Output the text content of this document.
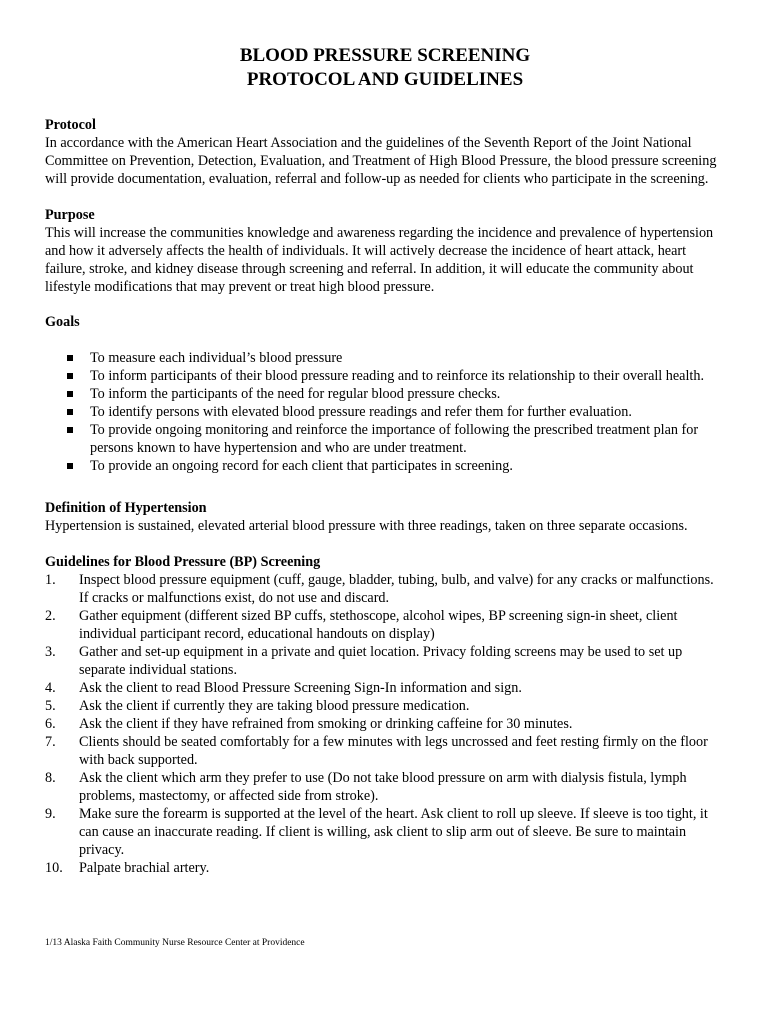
BLOOD PRESSURE SCREENING
PROTOCOL AND GUIDELINES
Protocol

In accordance with the American Heart Association and the guidelines of the Seventh Report of the Joint National Committee on Prevention, Detection, Evaluation, and Treatment of High Blood Pressure, the blood pressure screening will provide documentation, evaluation, referral and follow-up as needed for clients who participate in the screening.

Purpose

This will increase the communities knowledge and awareness regarding the incidence and prevalence of hypertension and how it adversely affects the health of individuals. It will actively decrease the incidence of heart attack, heart failure, stroke, and kidney disease through screening and referral. In addition, it will educate the community about lifestyle modifications that may prevent or treat high blood pressure.

Goals
To measure each individual’s blood pressure
To inform participants of their blood pressure reading and to reinforce its relationship to their overall health.
To inform the participants of the need for regular blood pressure checks.
To identify persons with elevated blood pressure readings and refer them for further evaluation.
To provide ongoing monitoring and reinforce the importance of following the prescribed treatment plan for persons known to have hypertension and who are under treatment.
To provide an ongoing record for each client that participates in screening.
Definition of Hypertension

Hypertension is sustained, elevated arterial blood pressure with three readings, taken on three separate occasions.

Guidelines for Blood Pressure (BP) Screening
1. Inspect blood pressure equipment (cuff, gauge, bladder, tubing, bulb, and valve) for any cracks or malfunctions. If cracks or malfunctions exist, do not use and discard.
2. Gather equipment (different sized BP cuffs, stethoscope, alcohol wipes, BP screening sign-in sheet, client individual participant record, educational handouts on display)
3. Gather and set-up equipment in a private and quiet location. Privacy folding screens may be used to set up separate individual stations.
4. Ask the client to read Blood Pressure Screening Sign-In information and sign.
5. Ask the client if currently they are taking blood pressure medication.
6. Ask the client if they have refrained from smoking or drinking caffeine for 30 minutes.
7. Clients should be seated comfortably for a few minutes with legs uncrossed and feet resting firmly on the floor with back supported.
8. Ask the client which arm they prefer to use (Do not take blood pressure on arm with dialysis fistula, lymph problems, mastectomy, or affected side from stroke).
9. Make sure the forearm is supported at the level of the heart. Ask client to roll up sleeve. If sleeve is too tight, it can cause an inaccurate reading. If client is willing, ask client to slip arm out of sleeve. Be sure to maintain privacy.
10. Palpate brachial artery.
1/13 Alaska Faith Community Nurse Resource Center at Providence
